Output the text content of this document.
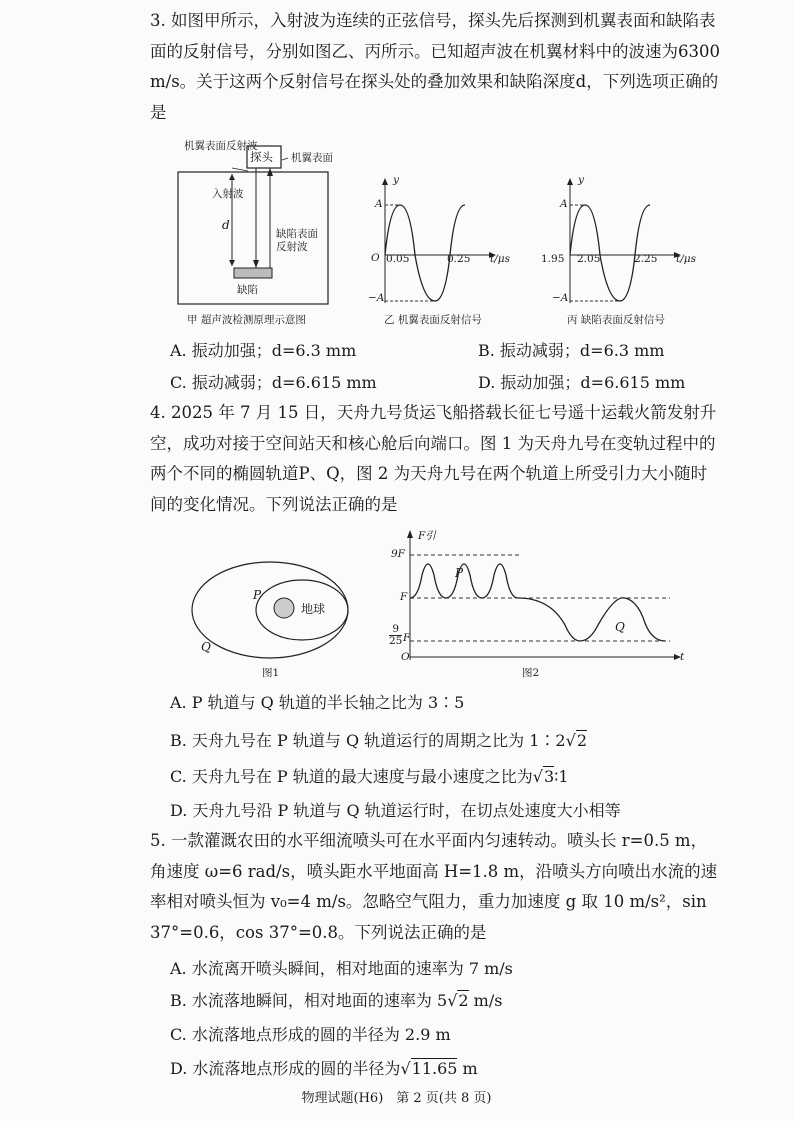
3. 如图甲所示，入射波为连续的正弦信号，探头先后探测到机翼表面和缺陷表面的反射信号，分别如图乙、丙所示。已知超声波在机翼材料中的波速为6300 m/s。关于这两个反射信号在探头处的叠加效果和缺陷深度d，下列选项正确的是

机翼表面反射波
探头 机翼表面
入射波
d
缺陷表面反射波
缺陷
甲 超声波检测原理示意图
y
A
−A
O 0.05	0.25 t/μs
乙 机翼表面反射信号
y
A
−A
1.95 2.05	2.25 t/μs
丙 缺陷表面反射信号
A. 振动加强；d=6.3 mm	B. 振动减弱；d=6.3 mm
C. 振动减弱；d=6.615 mm	D. 振动加强；d=6.615 mm

4. 2025 年 7 月 15 日，天舟九号货运飞船搭载长征七号遥十运载火箭发射升空，成功对接于空间站天和核心舱后向端口。图 1 为天舟九号在变轨过程中的两个不同的椭圆轨道P、Q，图 2 为天舟九号在两个轨道上所受引力大小随时间的变化情况。下列说法正确的是

P
地球
Q
图1
F引
9F
F
9
25 F
O	t
P
Q
图2
A. P 轨道与 Q 轨道的半长轴之比为 3∶5
B. 天舟九号在 P 轨道与 Q 轨道运行的周期之比为 1∶2√2
C. 天舟九号在 P 轨道的最大速度与最小速度之比为√3∶1
D. 天舟九号沿 P 轨道与 Q 轨道运行时，在切点处速度大小相等

5. 一款灌溉农田的水平细流喷头可在水平面内匀速转动。喷头长 r=0.5 m，角速度 ω=6 rad/s，喷头距水平地面高 H=1.8 m，沿喷头方向喷出水流的速率相对喷头恒为 v₀=4 m/s。忽略空气阻力，重力加速度 g 取 10 m/s²，sin 37°=0.6，cos 37°=0.8。下列说法正确的是

A. 水流离开喷头瞬间，相对地面的速率为 7 m/s
B. 水流落地瞬间，相对地面的速率为 5√2 m/s
C. 水流落地点形成的圆的半径为 2.9 m
D. 水流落地点形成的圆的半径为√11.65 m
物理试题(H6)　第 2 页(共 8 页)
